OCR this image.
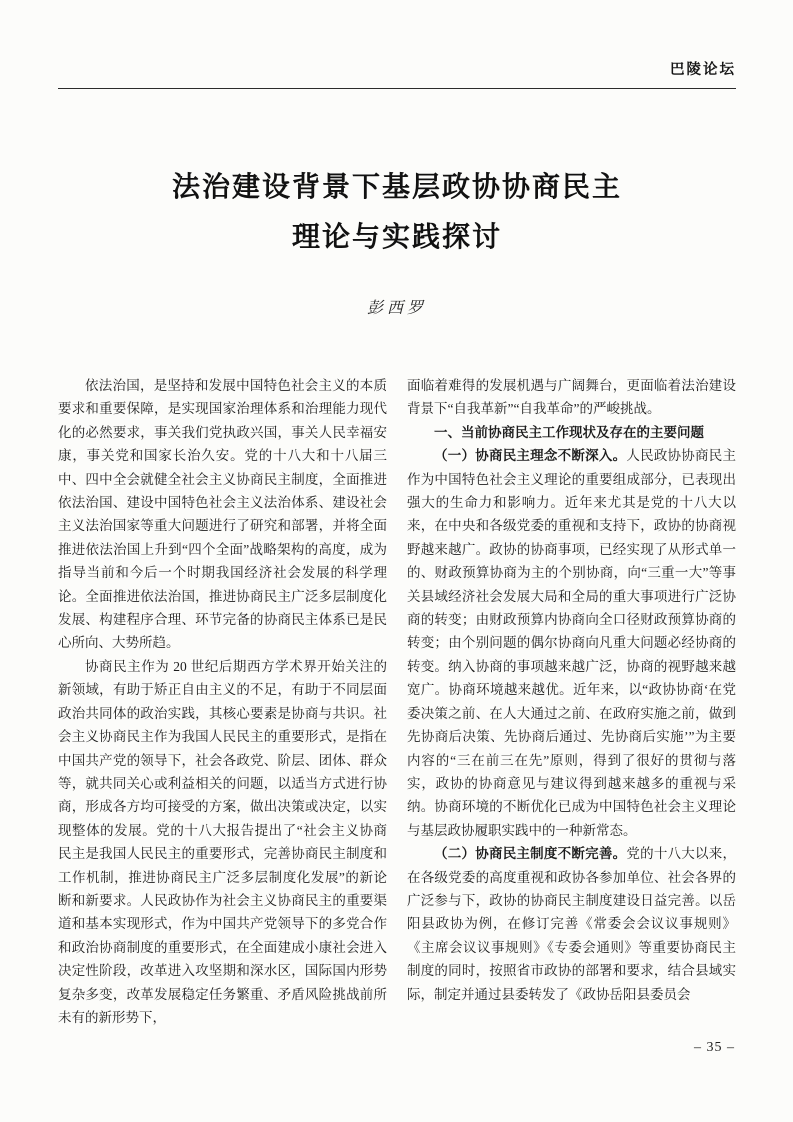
巴陵论坛
法治建设背景下基层政协协商民主
理论与实践探讨
彭西罗

依法治国，是坚持和发展中国特色社会主义的本质要求和重要保障，是实现国家治理体系和治理能力现代化的必然要求，事关我们党执政兴国，事关人民幸福安康，事关党和国家长治久安。党的十八大和十八届三中、四中全会就健全社会主义协商民主制度，全面推进依法治国、建设中国特色社会主义法治体系、建设社会主义法治国家等重大问题进行了研究和部署，并将全面推进依法治国上升到“四个全面”战略架构的高度，成为指导当前和今后一个时期我国经济社会发展的科学理论。全面推进依法治国，推进协商民主广泛多层制度化发展、构建程序合理、环节完备的协商民主体系已是民心所向、大势所趋。

协商民主作为 20 世纪后期西方学术界开始关注的新领域，有助于矫正自由主义的不足，有助于不同层面政治共同体的政治实践，其核心要素是协商与共识。社会主义协商民主作为我国人民民主的重要形式，是指在中国共产党的领导下，社会各政党、阶层、团体、群众等，就共同关心或利益相关的问题，以适当方式进行协商，形成各方均可接受的方案，做出决策或决定，以实现整体的发展。党的十八大报告提出了“社会主义协商民主是我国人民民主的重要形式，完善协商民主制度和工作机制，推进协商民主广泛多层制度化发展”的新论断和新要求。人民政协作为社会主义协商民主的重要渠道和基本实现形式，作为中国共产党领导下的多党合作和政治协商制度的重要形式，在全面建成小康社会进入决定性阶段，改革进入攻坚期和深水区，国际国内形势复杂多变，改革发展稳定任务繁重、矛盾风险挑战前所未有的新形势下，

面临着难得的发展机遇与广阔舞台，更面临着法治建设背景下“自我革新”“自我革命”的严峻挑战。

一、当前协商民主工作现状及存在的主要问题

（一）协商民主理念不断深入。人民政协协商民主作为中国特色社会主义理论的重要组成部分，已表现出强大的生命力和影响力。近年来尤其是党的十八大以来，在中央和各级党委的重视和支持下，政协的协商视野越来越广。政协的协商事项，已经实现了从形式单一的、财政预算协商为主的个别协商，向“三重一大”等事关县域经济社会发展大局和全局的重大事项进行广泛协商的转变；由财政预算内协商向全口径财政预算协商的转变；由个别问题的偶尔协商向凡重大问题必经协商的转变。纳入协商的事项越来越广泛，协商的视野越来越宽广。协商环境越来越优。近年来，以“政协协商‘在党委决策之前、在人大通过之前、在政府实施之前，做到先协商后决策、先协商后通过、先协商后实施’”为主要内容的“三在前三在先”原则，得到了很好的贯彻与落实，政协的协商意见与建议得到越来越多的重视与采纳。协商环境的不断优化已成为中国特色社会主义理论与基层政协履职实践中的一种新常态。

（二）协商民主制度不断完善。党的十八大以来，在各级党委的高度重视和政协各参加单位、社会各界的广泛参与下，政协的协商民主制度建设日益完善。以岳阳县政协为例，在修订完善《常委会会议议事规则》《主席会议议事规则》《专委会通则》等重要协商民主制度的同时，按照省市政协的部署和要求，结合县域实际，制定并通过县委转发了《政协岳阳县委员会

– 35 –
